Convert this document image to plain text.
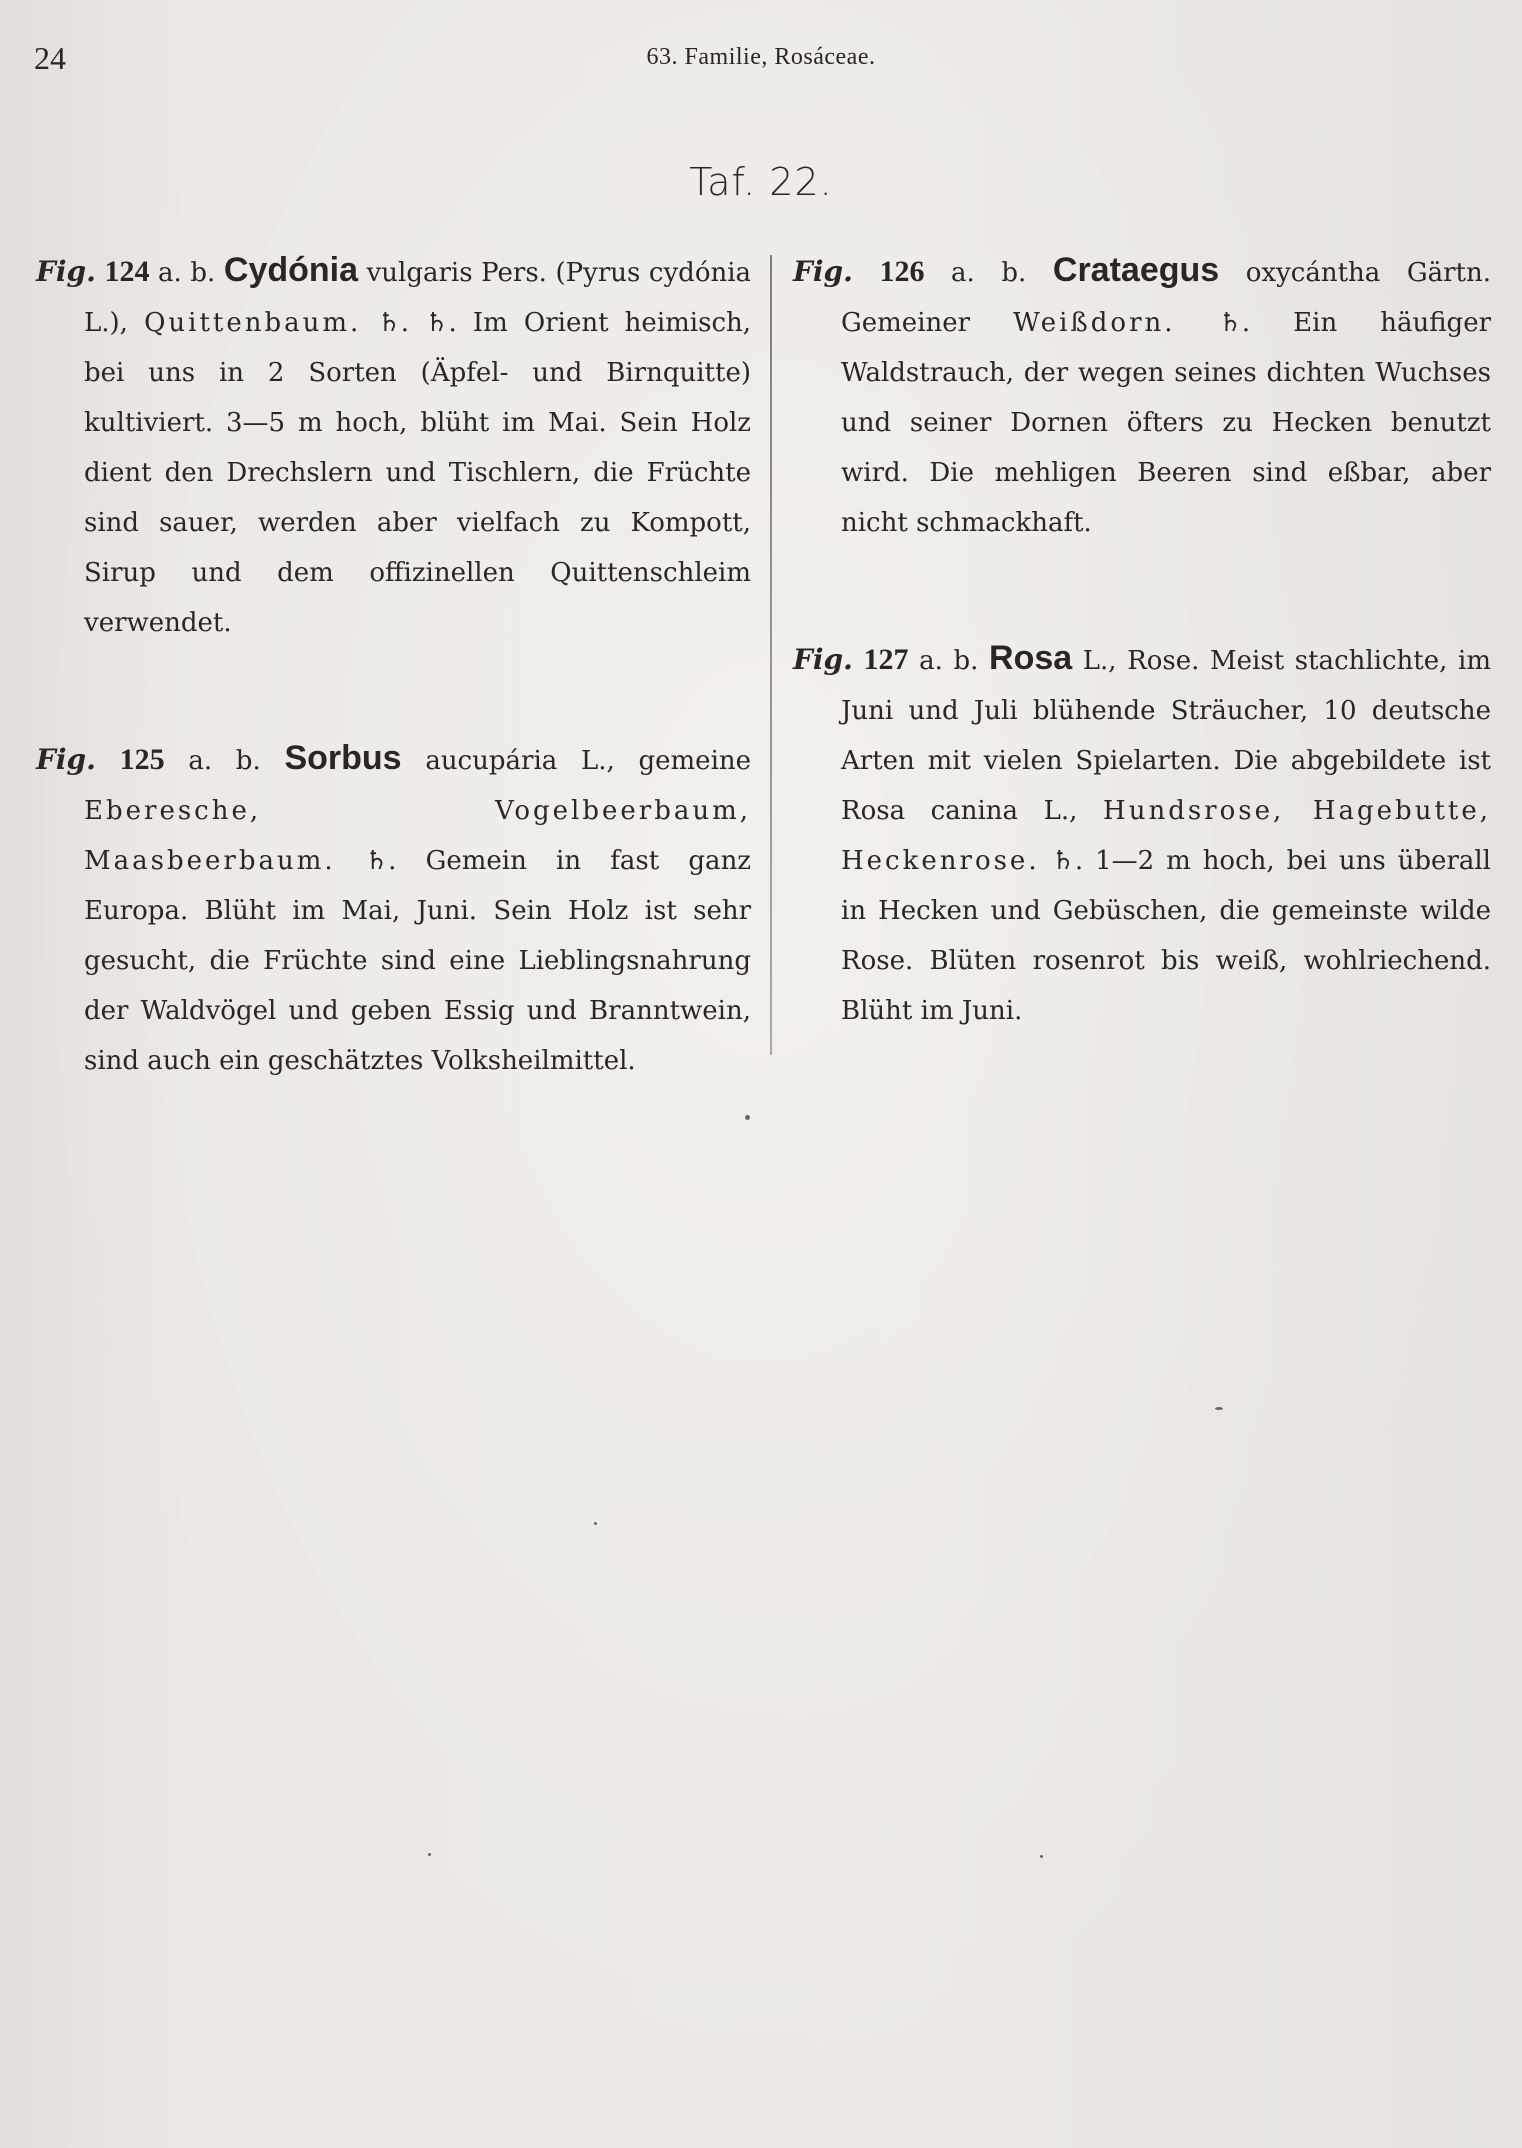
24	63. Familie, Rosáceae.
Taf. 22.

Fig. 124 a. b. Cydónia vulgaris Pers. (Pyrus cydónia L.), Quittenbaum. ♄. ♄. Im Orient heimisch, bei uns in 2 Sorten (Äpfel- und Birnquitte) kultiviert. 3—5 m hoch, blüht im Mai. Sein Holz dient den Drechslern und Tischlern, die Früchte sind sauer, werden aber vielfach zu Kompott, Sirup und dem offizinellen Quittenschleim verwendet.

Fig. 125 a. b. Sorbus aucupária L., gemeine Eberesche, Vogelbeerbaum, Maasbeerbaum. ♄. Gemein in fast ganz Europa. Blüht im Mai, Juni. Sein Holz ist sehr gesucht, die Früchte sind eine Lieblingsnahrung der Waldvögel und geben Essig und Branntwein, sind auch ein geschätztes Volksheilmittel.

Fig. 126 a. b. Crataegus oxycántha Gärtn. Gemeiner Weißdorn. ♄. Ein häufiger Waldstrauch, der wegen seines dichten Wuchses und seiner Dornen öfters zu Hecken benutzt wird. Die mehligen Beeren sind eßbar, aber nicht schmackhaft.

Fig. 127 a. b. Rosa L., Rose. Meist stachlichte, im Juni und Juli blühende Sträucher, 10 deutsche Arten mit vielen Spielarten. Die abgebildete ist Rosa canina L., Hundsrose, Hagebutte, Heckenrose. ♄. 1—2 m hoch, bei uns überall in Hecken und Gebüschen, die gemeinste wilde Rose. Blüten rosenrot bis weiß, wohlriechend. Blüht im Juni.
